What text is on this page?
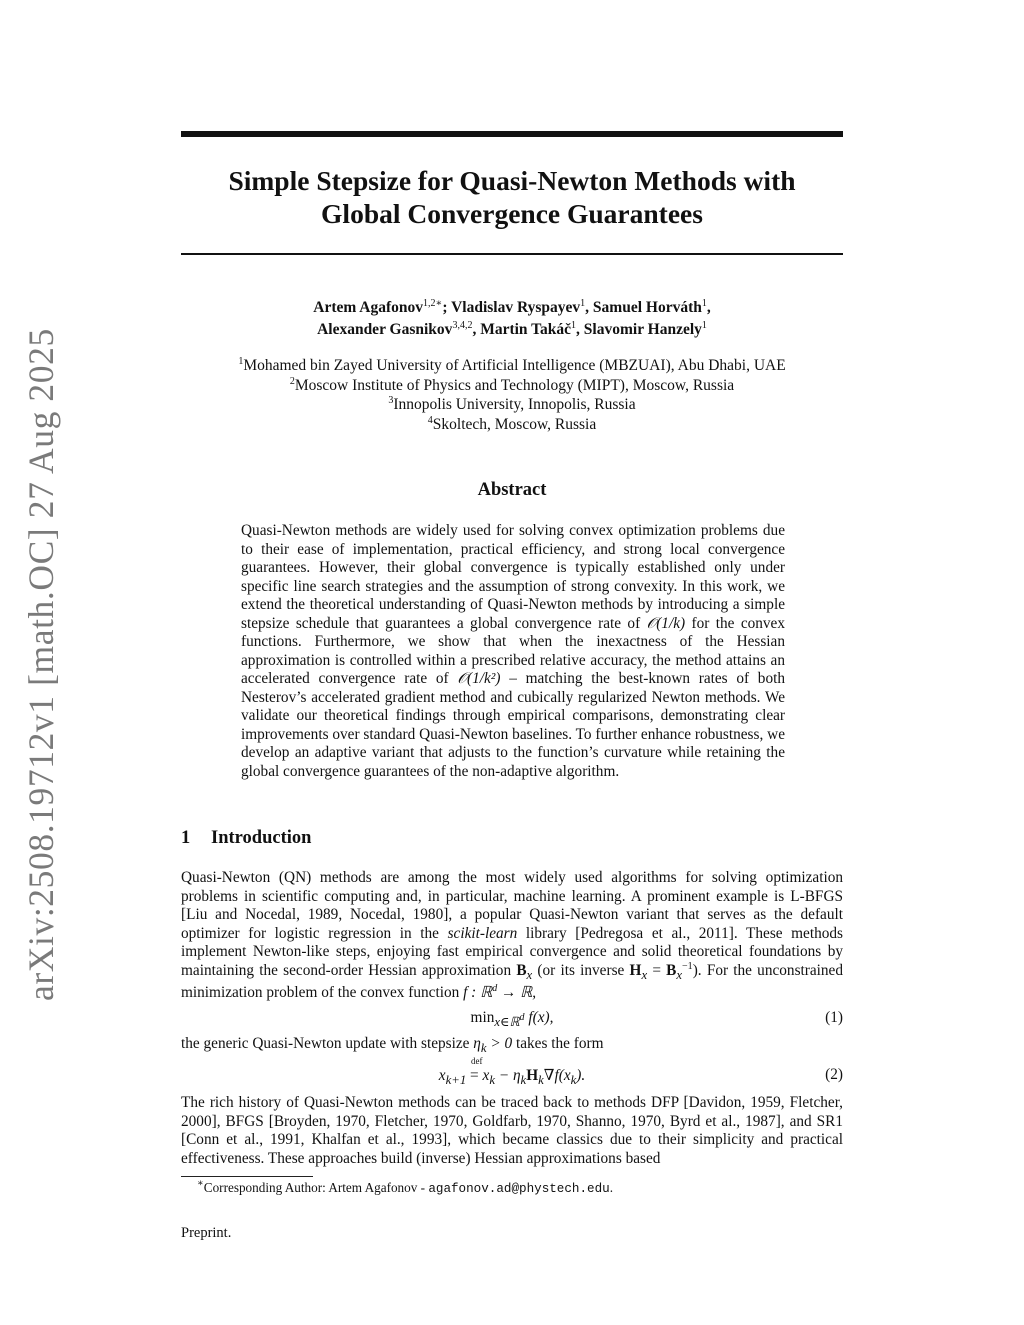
arXiv:2508.19712v1 [math.OC] 27 Aug 2025
Simple Stepsize for Quasi-Newton Methods with
Global Convergence Guarantees
Artem Agafonov$^{1,2∗}$; Vladislav Ryspayev$^1$, Samuel Horváth$^1$,
Alexander Gasnikov$^{3,4,2}$, Martin Takáč$^1$, Slavomir Hanzely$^1$
$^1$Mohamed bin Zayed University of Artificial Intelligence (MBZUAI), Abu Dhabi, UAE
$^2$Moscow Institute of Physics and Technology (MIPT), Moscow, Russia
$^3$Innopolis University, Innopolis, Russia
$^4$Skoltech, Moscow, Russia
Abstract
Quasi-Newton methods are widely used for solving convex optimization problems due to their ease of implementation, practical efficiency, and strong local convergence guarantees. However, their global convergence is typically established only under specific line search strategies and the assumption of strong convexity. In this work, we extend the theoretical understanding of Quasi-Newton methods by introducing a simple stepsize schedule that guarantees a global convergence rate of 𝒪(1/k) for the convex functions. Furthermore, we show that when the inexactness of the Hessian approximation is controlled within a prescribed relative accuracy, the method attains an accelerated convergence rate of 𝒪(1/k²) – matching the best-known rates of both Nesterov’s accelerated gradient method and cubically regularized Newton methods. We validate our theoretical findings through empirical comparisons, demonstrating clear improvements over standard Quasi-Newton baselines. To further enhance robustness, we develop an adaptive variant that adjusts to the function’s curvature while retaining the global convergence guarantees of the non-adaptive algorithm.
1 Introduction
Quasi-Newton (QN) methods are among the most widely used algorithms for solving optimization problems in scientific computing and, in particular, machine learning. A prominent example is L-BFGS [Liu and Nocedal, 1989, Nocedal, 1980], a popular Quasi-Newton variant that serves as the default optimizer for logistic regression in the scikit-learn library [Pedregosa et al., 2011]. These methods implement Newton-like steps, enjoying fast empirical convergence and solid theoretical foundations by maintaining the second-order Hessian approximation $B_x$ (or its inverse $H_x = B_x^{-1}$). For the unconstrained minimization problem of the convex function f : ℝ$^d$ → ℝ,
$\min_{x\in ℝ^d} f(x)$,	(1)
the generic Quasi-Newton update with stepsize $\eta_k > 0$ takes the form
$x_{k+1}$
def
= $x_k - \eta_kH_k\nabla f(x_k)$.	(2)
The rich history of Quasi-Newton methods can be traced back to methods DFP [Davidon, 1959, Fletcher, 2000], BFGS [Broyden, 1970, Fletcher, 1970, Goldfarb, 1970, Shanno, 1970, Byrd et al., 1987], and SR1 [Conn et al., 1991, Khalfan et al., 1993], which became classics due to their simplicity and practical effectiveness. These approaches build (inverse) Hessian approximations based
∗Corresponding Author: Artem Agafonov - agafonov.ad@phystech.edu.
Preprint.
